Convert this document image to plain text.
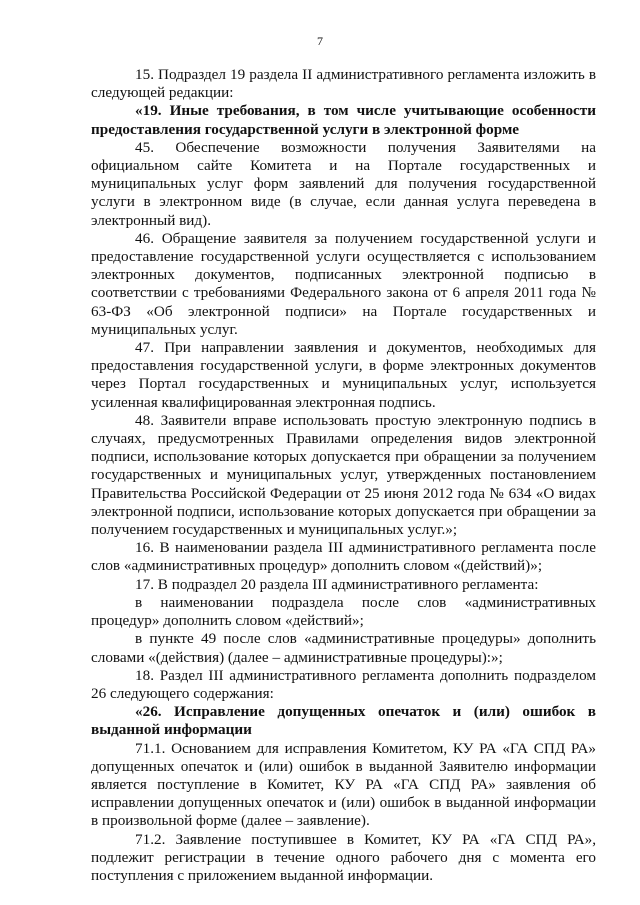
7

15. Подраздел 19 раздела II административного регламента изложить в следующей редакции:

«19. Иные требования, в том числе учитывающие особенности предоставления государственной услуги в электронной форме

45. Обеспечение возможности получения Заявителями на официальном сайте Комитета и на Портале государственных и муниципальных услуг форм заявлений для получения государственной услуги в электронном виде (в случае, если данная услуга переведена в электронный вид).

46. Обращение заявителя за получением государственной услуги и предоставление государственной услуги осуществляется с использованием электронных документов, подписанных электронной подписью в соответствии с требованиями Федерального закона от 6 апреля 2011 года № 63-ФЗ «Об электронной подписи» на Портале государственных и муниципальных услуг.

47. При направлении заявления и документов, необходимых для предоставления государственной услуги, в форме электронных документов через Портал государственных и муниципальных услуг, используется усиленная квалифицированная электронная подпись.

48. Заявители вправе использовать простую электронную подпись в случаях, предусмотренных Правилами определения видов электронной подписи, использование которых допускается при обращении за получением государственных и муниципальных услуг, утвержденных постановлением Правительства Российской Федерации от 25 июня 2012 года № 634 «О видах электронной подписи, использование которых допускается при обращении за получением государственных и муниципальных услуг.»;

16. В наименовании раздела III административного регламента после слов «административных процедур» дополнить словом «(действий)»;

17. В подраздел 20 раздела III административного регламента:

в наименовании подраздела после слов «административных процедур» дополнить словом «действий»;

в пункте 49 после слов «административные процедуры» дополнить словами «(действия) (далее – административные процедуры):»;

18. Раздел III административного регламента дополнить подразделом 26 следующего содержания:

«26. Исправление допущенных опечаток и (или) ошибок в выданной информации

71.1. Основанием для исправления Комитетом, КУ РА «ГА СПД РА» допущенных опечаток и (или) ошибок в выданной Заявителю информации является поступление в Комитет, КУ РА «ГА СПД РА» заявления об исправлении допущенных опечаток и (или) ошибок в выданной информации в произвольной форме (далее – заявление).

71.2. Заявление поступившее в Комитет, КУ РА «ГА СПД РА», подлежит регистрации в течение одного рабочего дня с момента его поступления с приложением выданной информации.
